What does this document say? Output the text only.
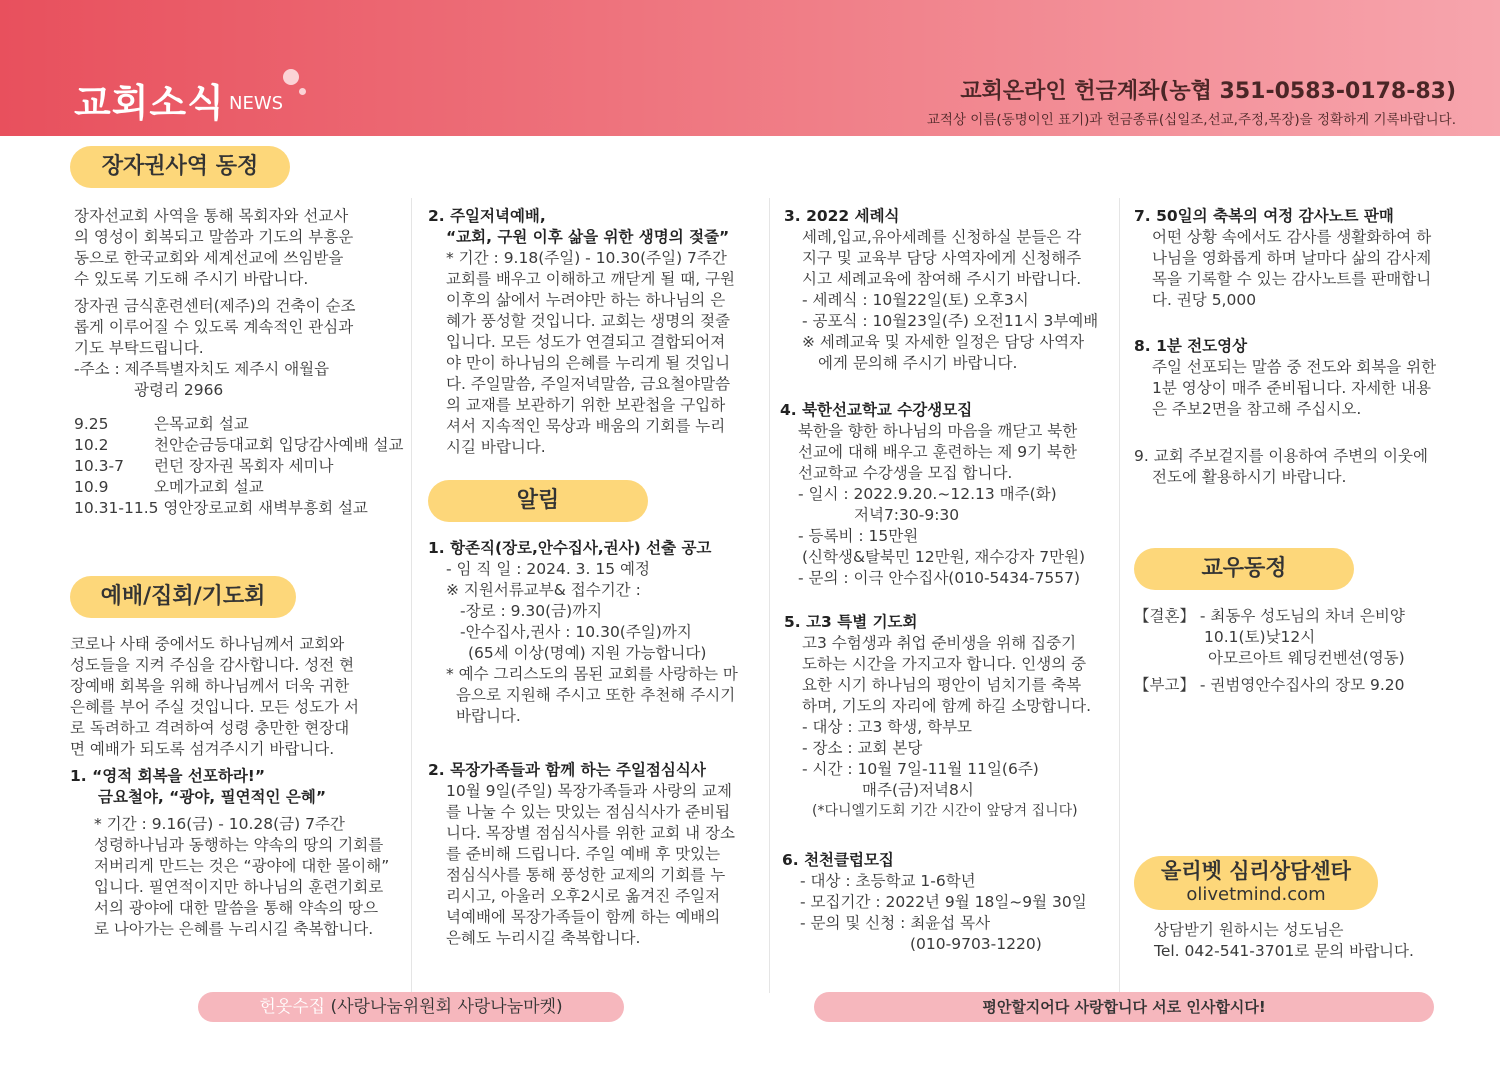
교회소식 NEWS	교회온라인 헌금계좌(농협 351-0583-0178-83)
교적상 이름(동명이인 표기)과 헌금종류(십일조,선교,주정,목장)을 정확하게 기록바랍니다.
장자권사역 동정

장자선교회 사역을 통해 목회자와 선교사

의 영성이 회복되고 말씀과 기도의 부흥운

동으로 한국교회와 세계선교에 쓰임받을

수 있도록 기도해 주시기 바랍니다.

장자권 금식훈련센터(제주)의 건축이 순조

롭게 이루어질 수 있도록 계속적인 관심과

기도 부탁드립니다.

-주소 : 제주특별자치도 제주시 애월읍

광령리 2966

9.25	은목교회 설교
10.2	천안순금등대교회 입당감사예배 설교
10.3-7	런던 장자권 목회자 세미나
10.9	오메가교회 설교
10.31-11.5 영안장로교회 새벽부흥회 설교
예배/집회/기도회

코로나 사태 중에서도 하나님께서 교회와

성도들을 지켜 주심을 감사합니다. 성전 현

장예배 회복을 위해 하나님께서 더욱 귀한

은혜를 부어 주실 것입니다. 모든 성도가 서

로 독려하고 격려하여 성령 충만한 현장대

면 예배가 되도록 섬겨주시기 바랍니다.

1. “영적 회복을 선포하라!”

금요철야, “광야, 필연적인 은혜”

* 기간 : 9.16(금) - 10.28(금) 7주간

성령하나님과 동행하는 약속의 땅의 기회를

저버리게 만드는 것은 “광야에 대한 몰이해”

입니다. 필연적이지만 하나님의 훈련기회로

서의 광야에 대한 말씀을 통해 약속의 땅으

로 나아가는 은혜를 누리시길 축복합니다.

2. 주일저녁예배,

“교회, 구원 이후 삶을 위한 생명의 젖줄”

* 기간 : 9.18(주일) - 10.30(주일) 7주간

교회를 배우고 이해하고 깨닫게 될 때, 구원

이후의 삶에서 누려야만 하는 하나님의 은

혜가 풍성할 것입니다. 교회는 생명의 젖줄

입니다. 모든 성도가 연결되고 결합되어져

야 만이 하나님의 은혜를 누리게 될 것입니

다. 주일말씀, 주일저녁말씀, 금요철야말씀

의 교재를 보관하기 위한 보관첩을 구입하

셔서 지속적인 묵상과 배움의 기회를 누리

시길 바랍니다.

알림

1. 항존직(장로,안수집사,권사) 선출 공고

- 임 직 일 : 2024. 3. 15 예정

※ 지원서류교부& 접수기간 :

-장로 : 9.30(금)까지

-안수집사,권사 : 10.30(주일)까지

(65세 이상(명예) 지원 가능합니다)

* 예수 그리스도의 몸된 교회를 사랑하는 마

음으로 지원해 주시고 또한 추천해 주시기

바랍니다.

2. 목장가족들과 함께 하는 주일점심식사

10월 9일(주일) 목장가족들과 사랑의 교제

를 나눌 수 있는 맛있는 점심식사가 준비됩

니다. 목장별 점심식사를 위한 교회 내 장소

를 준비해 드립니다. 주일 예배 후 맛있는

점심식사를 통해 풍성한 교제의 기회를 누

리시고, 아울러 오후2시로 옮겨진 주일저

녁예배에 목장가족들이 함께 하는 예배의

은혜도 누리시길 축복합니다.

3. 2022 세례식

세례,입교,유아세례를 신청하실 분들은 각

지구 및 교육부 담당 사역자에게 신청해주

시고 세례교육에 참여해 주시기 바랍니다.

- 세례식 : 10월22일(토) 오후3시

- 공포식 : 10월23일(주) 오전11시 3부예배

※ 세례교육 및 자세한 일정은 담당 사역자

에게 문의해 주시기 바랍니다.

4. 북한선교학교 수강생모집

북한을 향한 하나님의 마음을 깨닫고 북한

선교에 대해 배우고 훈련하는 제 9기 북한

선교학교 수강생을 모집 합니다.

- 일시 : 2022.9.20.~12.13 매주(화)

저녁7:30-9:30

- 등록비 : 15만원

(신학생&탈북민 12만원, 재수강자 7만원)

- 문의 : 이극 안수집사(010-5434-7557)

5. 고3 특별 기도회

고3 수험생과 취업 준비생을 위해 집중기

도하는 시간을 가지고자 합니다. 인생의 중

요한 시기 하나님의 평안이 넘치기를 축복

하며, 기도의 자리에 함께 하길 소망합니다.

- 대상 : 고3 학생, 학부모

- 장소 : 교회 본당

- 시간 : 10월 7일-11월 11일(6주)

매주(금)저녁8시

(*다니엘기도회 기간 시간이 앞당겨 집니다)

6. 천천클럽모집

- 대상 : 초등학교 1-6학년

- 모집기간 : 2022년 9월 18일~9월 30일

- 문의 및 신청 : 최윤섭 목사

(010-9703-1220)

7. 50일의 축복의 여정 감사노트 판매

어떤 상황 속에서도 감사를 생활화하여 하

나님을 영화롭게 하며 날마다 삶의 감사제

목을 기록할 수 있는 감사노트를 판매합니

다. 권당 5,000

8. 1분 전도영상

주일 선포되는 말씀 중 전도와 회복을 위한

1분 영상이 매주 준비됩니다. 자세한 내용

은 주보2면을 참고해 주십시오.

9. 교회 주보겉지를 이용하여 주변의 이웃에

전도에 활용하시기 바랍니다.

교우동정

【결혼】 - 최동우 성도님의 차녀 은비양

10.1(토)낮12시

아모르아트 웨딩컨벤션(영동)

【부고】 - 권범영안수집사의 장모 9.20

올리벳 심리상담센타
olivetmind.com

상담받기 원하시는 성도님은

Tel. 042-541-3701로 문의 바랍니다.

헌옷수집 (사랑나눔위원회 사랑나눔마켓)	평안할지어다 사랑합니다 서로 인사합시다!
